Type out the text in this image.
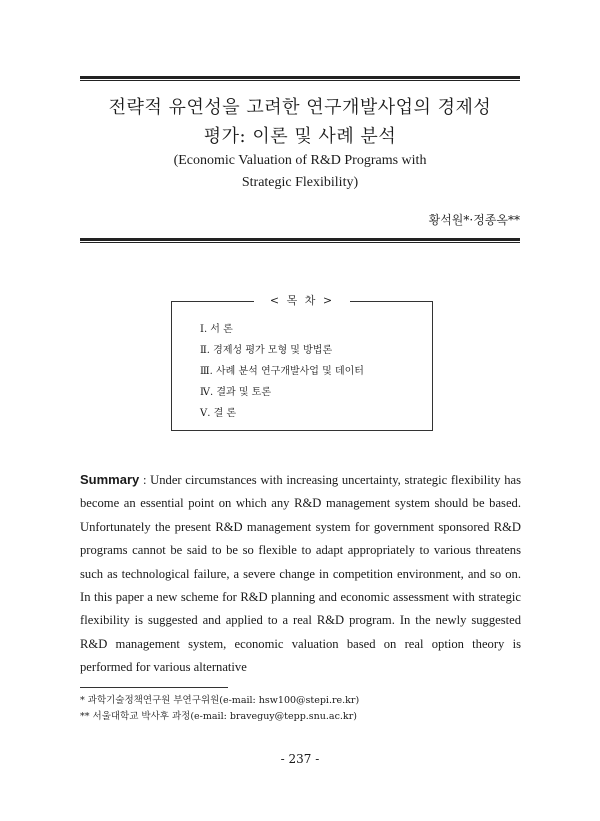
전략적 유연성을 고려한 연구개발사업의 경제성
평가: 이론 및 사례 분석
(Economic Valuation of R&D Programs with
Strategic Flexibility)
황석원*·정종옥**
< 목 차 >
Ⅰ. 서 론
Ⅱ. 경제성 평가 모형 및 방법론
Ⅲ. 사례 분석 연구개발사업 및 데이터
Ⅳ. 결과 및 토론
Ⅴ. 결 론
Summary : Under circumstances with increasing uncertainty, strategic flexibility has become an essential point on which any R&D management system should be based. Unfortunately the present R&D management system for government sponsored R&D programs cannot be said to be so flexible to adapt appropriately to various threatens such as technological failure, a severe change in competition environment, and so on. In this paper a new scheme for R&D planning and economic assessment with strategic flexibility is suggested and applied to a real R&D program. In the newly suggested R&D management system, economic valuation based on real option theory is performed for various alternative
* 과학기술정책연구원 부연구위원(e-mail: hsw100@stepi.re.kr)
** 서울대학교 박사후 과정(e-mail: braveguy@tepp.snu.ac.kr)
- 237 -
